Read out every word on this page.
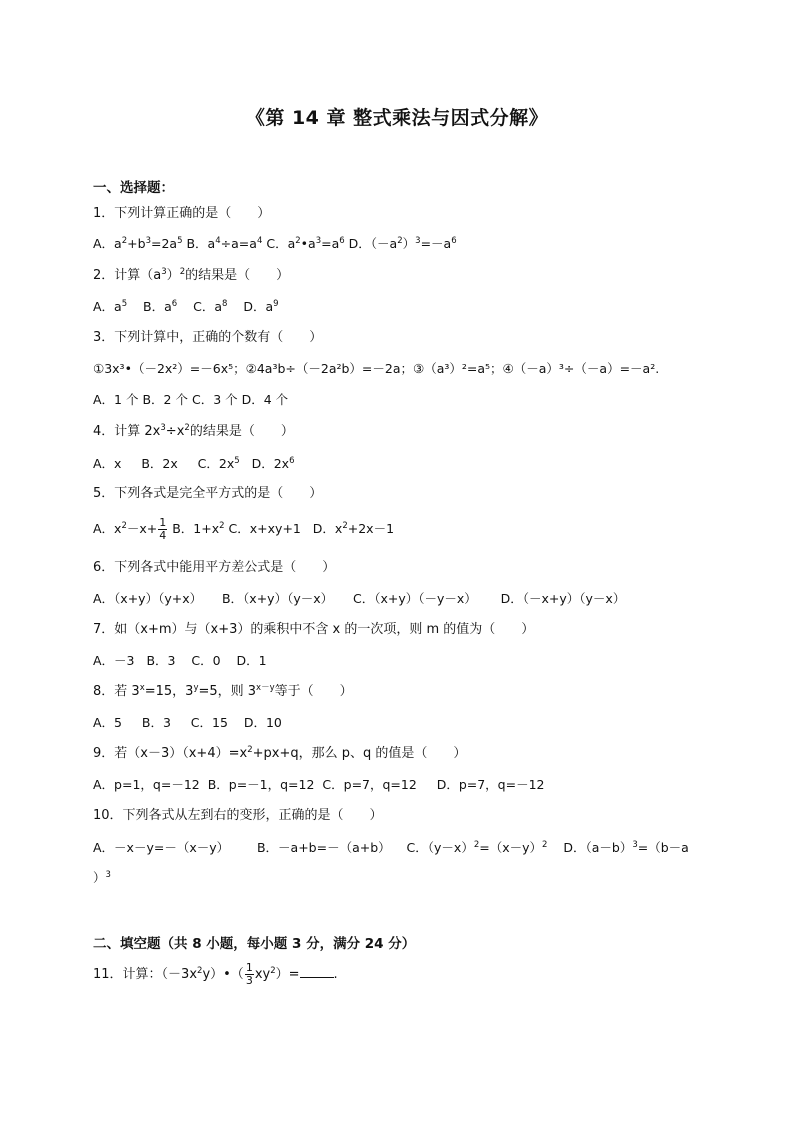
《第 14 章 整式乘法与因式分解》
一、选择题：
1．下列计算正确的是（　　）
A．$a^2+b^3=2a^5$ B．$a^4\div a=a^4$ C．$a^2•a^3=a^6$ D．$(-a^2)^3=-a^6$
2．计算$(a^3)^2$的结果是（　　）
A．$a^5$ B．$a^6$ C．$a^8$ D．$a^9$
3．下列计算中，正确的个数有（　　）
①3x³•（－2x²）=－6x⁵；②4a³b÷（－2a²b）=－2a；③（a³）²=a⁵；④（－a）³÷（－a）=－a².
A．1 个 B．2 个 C．3 个 D．4 个
4．计算 $2x^3\div x^2$的结果是（　　）
A．x B．2x C．$2x^5$ D．$2x^6$
5．下列各式是完全平方式的是（　　）
A．$x^2-x+ \frac{1}{4}$ B．$1+x^2$ C．x+xy+1 D．$x^2+2x-1$
6．下列各式中能用平方差公式是（　　）
A．（x+y）（y+x） B．（x+y）（y－x） C．（x+y）（－y－x） D．（－x+y）（y－x）
7．如（x+m）与（x+3）的乘积中不含 x 的一次项，则 m 的值为（　　）
A．－3 B．3 C．0 D．1
8．若 $3^x=15$，$3^y=5$，则 $3^{x-y}$等于（　　）
A．5 B．3 C．15 D．10
9．若$(x-3)(x+4)=x^2+px+q$，那么 p、q 的值是（　　）
A．p=1，q=－12 B．p=－1，q=12 C．p=7，q=12 D．p=7，q=－12
10．下列各式从左到右的变形，正确的是（　　）
A．－x－y=－（x－y） B．－a+b=－（a+b） C．$(y-x)^2=(x-y)^2$ D．$(a-b)^3=(b-a$
）$^3$
二、填空题（共 8 小题，每小题 3 分，满分 24 分）
11．计算：$(-3x^2y)•( \frac{1}{3} xy^2)=$	.
